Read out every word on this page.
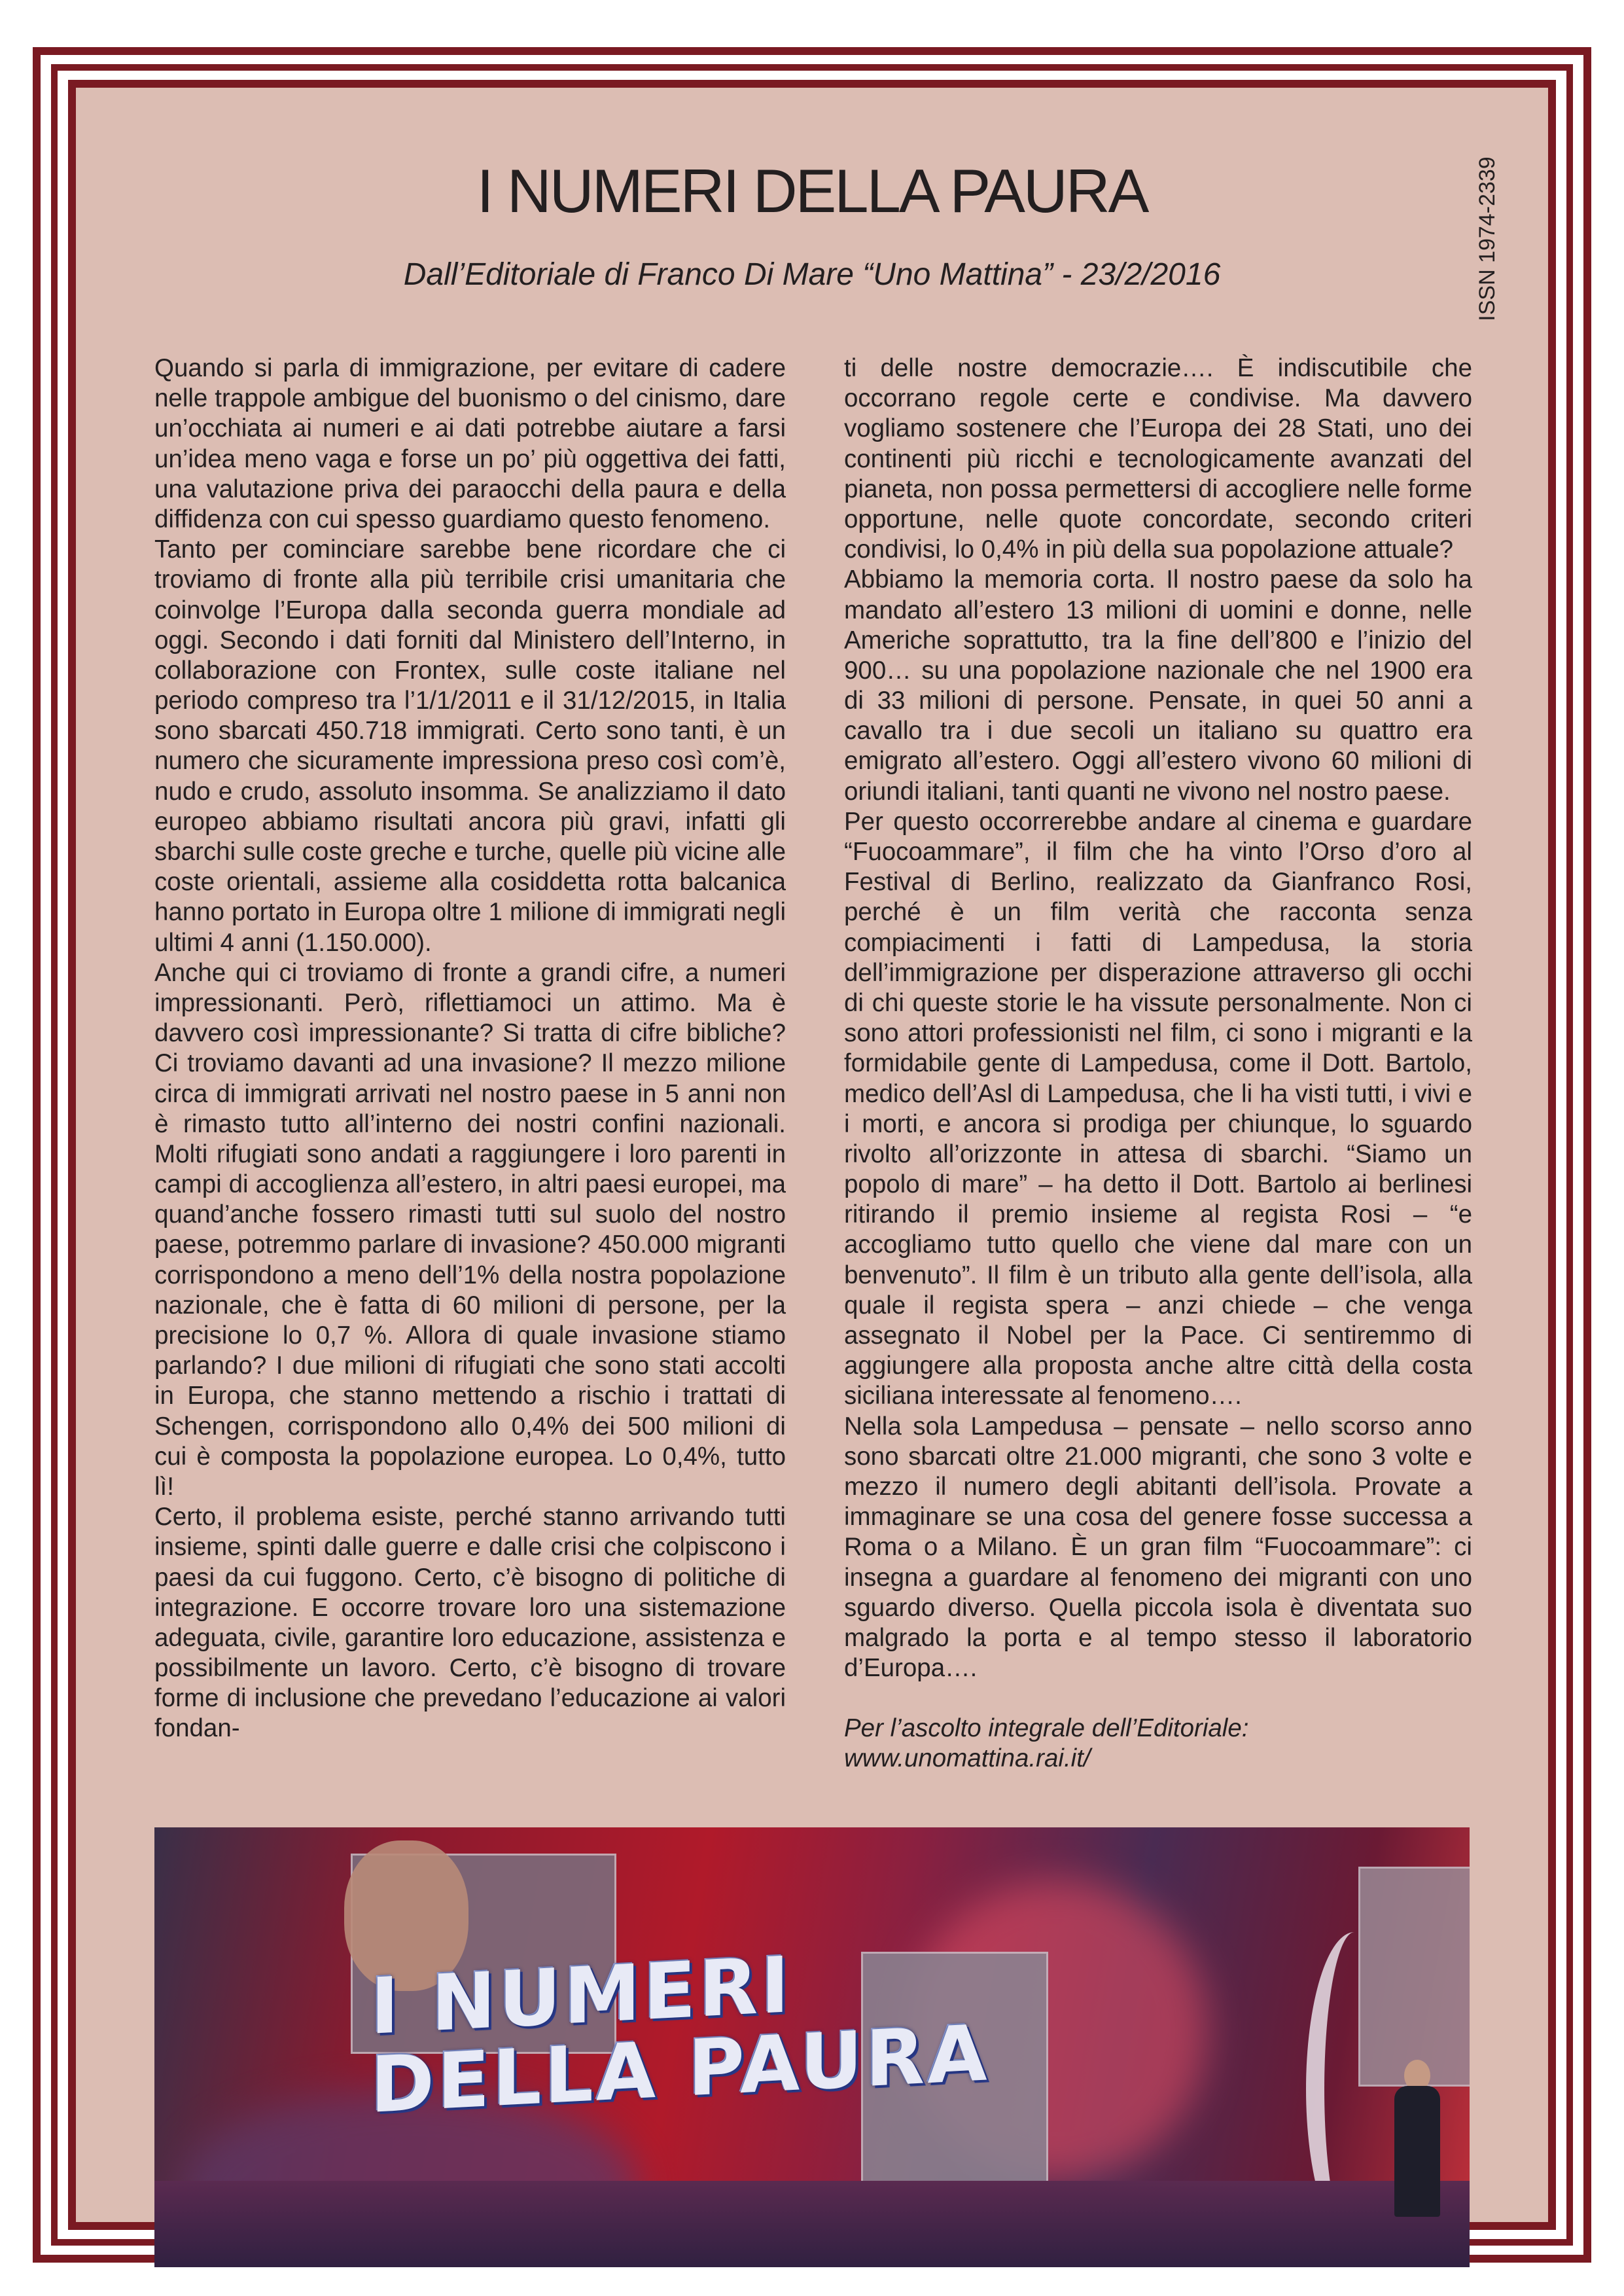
I NUMERI DELLA PAURA
Dall’Editoriale di Franco Di Mare “Uno Mattina” - 23/2/2016	ISSN 1974-2339

Quando si parla di immigrazione, per evitare di cadere nelle trappole ambigue del buonismo o del cinismo, dare un’occhiata ai numeri e ai dati potrebbe aiutare a farsi un’idea meno vaga e forse un po’ più oggettiva dei fatti, una valutazione priva dei paraocchi della paura e della diffidenza con cui spesso guardiamo questo fenomeno.

Tanto per cominciare sarebbe bene ricordare che ci troviamo di fronte alla più terribile crisi umanitaria che coinvolge l’Europa dalla seconda guerra mondiale ad oggi. Secondo i dati forniti dal Ministero dell’Interno, in collaborazione con Frontex, sulle coste italiane nel periodo compreso tra l’1/1/2011 e il 31/12/2015, in Italia sono sbarcati 450.718 immigrati. Certo sono tanti, è un numero che sicuramente impressiona preso così com’è, nudo e crudo, assoluto insomma. Se analizziamo il dato europeo abbiamo risultati ancora più gravi, infatti gli sbarchi sulle coste greche e turche, quelle più vicine alle coste orientali, assieme alla cosiddetta rotta balcanica hanno portato in Europa oltre 1 milione di immigrati negli ultimi 4 anni (1.150.000).

Anche qui ci troviamo di fronte a grandi cifre, a numeri impressionanti. Però, riflettiamoci un attimo. Ma è davvero così impressionante? Si tratta di cifre bibliche? Ci troviamo davanti ad una invasione? Il mezzo milione circa di immigrati arrivati nel nostro paese in 5 anni non è rimasto tutto all’interno dei nostri confini nazionali. Molti rifugiati sono andati a raggiungere i loro parenti in campi di accoglienza all’estero, in altri paesi europei, ma quand’anche fossero rimasti tutti sul suolo del nostro paese, potremmo parlare di invasione? 450.000 migranti corrispondono a meno dell’1% della nostra popolazione nazionale, che è fatta di 60 milioni di persone, per la precisione lo 0,7 %. Allora di quale invasione stiamo parlando? I due milioni di rifugiati che sono stati accolti in Europa, che stanno mettendo a rischio i trattati di Schengen, corrispondono allo 0,4% dei 500 milioni di cui è composta la popolazione europea. Lo 0,4%, tutto lì!

Certo, il problema esiste, perché stanno arrivando tutti insieme, spinti dalle guerre e dalle crisi che colpiscono i paesi da cui fuggono. Certo, c’è bisogno di politiche di integrazione. E occorre trovare loro una sistemazione adeguata, civile, garantire loro educazione, assistenza e possibilmente un lavoro. Certo, c’è bisogno di trovare forme di inclusione che prevedano l’educazione ai valori fondan-

ti delle nostre democrazie…. È indiscutibile che occorrano regole certe e condivise. Ma davvero vogliamo sostenere che l’Europa dei 28 Stati, uno dei continenti più ricchi e tecnologicamente avanzati del pianeta, non possa permettersi di accogliere nelle forme opportune, nelle quote concordate, secondo criteri condivisi, lo 0,4% in più della sua popolazione attuale?

Abbiamo la memoria corta. Il nostro paese da solo ha mandato all’estero 13 milioni di uomini e donne, nelle Americhe soprattutto, tra la fine dell’800 e l’inizio del 900… su una popolazione nazionale che nel 1900 era di 33 milioni di persone. Pensate, in quei 50 anni a cavallo tra i due secoli un italiano su quattro era emigrato all’estero. Oggi all’estero vivono 60 milioni di oriundi italiani, tanti quanti ne vivono nel nostro paese.

Per questo occorrerebbe andare al cinema e guardare “Fuocoammare”, il film che ha vinto l’Orso d’oro al Festival di Berlino, realizzato da Gianfranco Rosi, perché è un film verità che racconta senza compiacimenti i fatti di Lampedusa, la storia dell’immigrazione per disperazione attraverso gli occhi di chi queste storie le ha vissute personalmente. Non ci sono attori professionisti nel film, ci sono i migranti e la formidabile gente di Lampedusa, come il Dott. Bartolo, medico dell’Asl di Lampedusa, che li ha visti tutti, i vivi e i morti, e ancora si prodiga per chiunque, lo sguardo rivolto all’orizzonte in attesa di sbarchi. “Siamo un popolo di mare” – ha detto il Dott. Bartolo ai berlinesi ritirando il premio insieme al regista Rosi – “e accogliamo tutto quello che viene dal mare con un benvenuto”. Il film è un tributo alla gente dell’isola, alla quale il regista spera – anzi chiede – che venga assegnato il Nobel per la Pace. Ci sentiremmo di aggiungere alla proposta anche altre città della costa siciliana interessate al fenomeno….

Nella sola Lampedusa – pensate – nello scorso anno sono sbarcati oltre 21.000 migranti, che sono 3 volte e mezzo il numero degli abitanti dell’isola. Provate a immaginare se una cosa del genere fosse successa a Roma o a Milano. È un gran film “Fuocoammare”: ci insegna a guardare al fenomeno dei migranti con uno sguardo diverso. Quella piccola isola è diventata suo malgrado la porta e al tempo stesso il laboratorio d’Europa….

Per l’ascolto integrale dell’Editoriale:

www.unomattina.rai.it/

I NUMERI
DELLA PAURA
